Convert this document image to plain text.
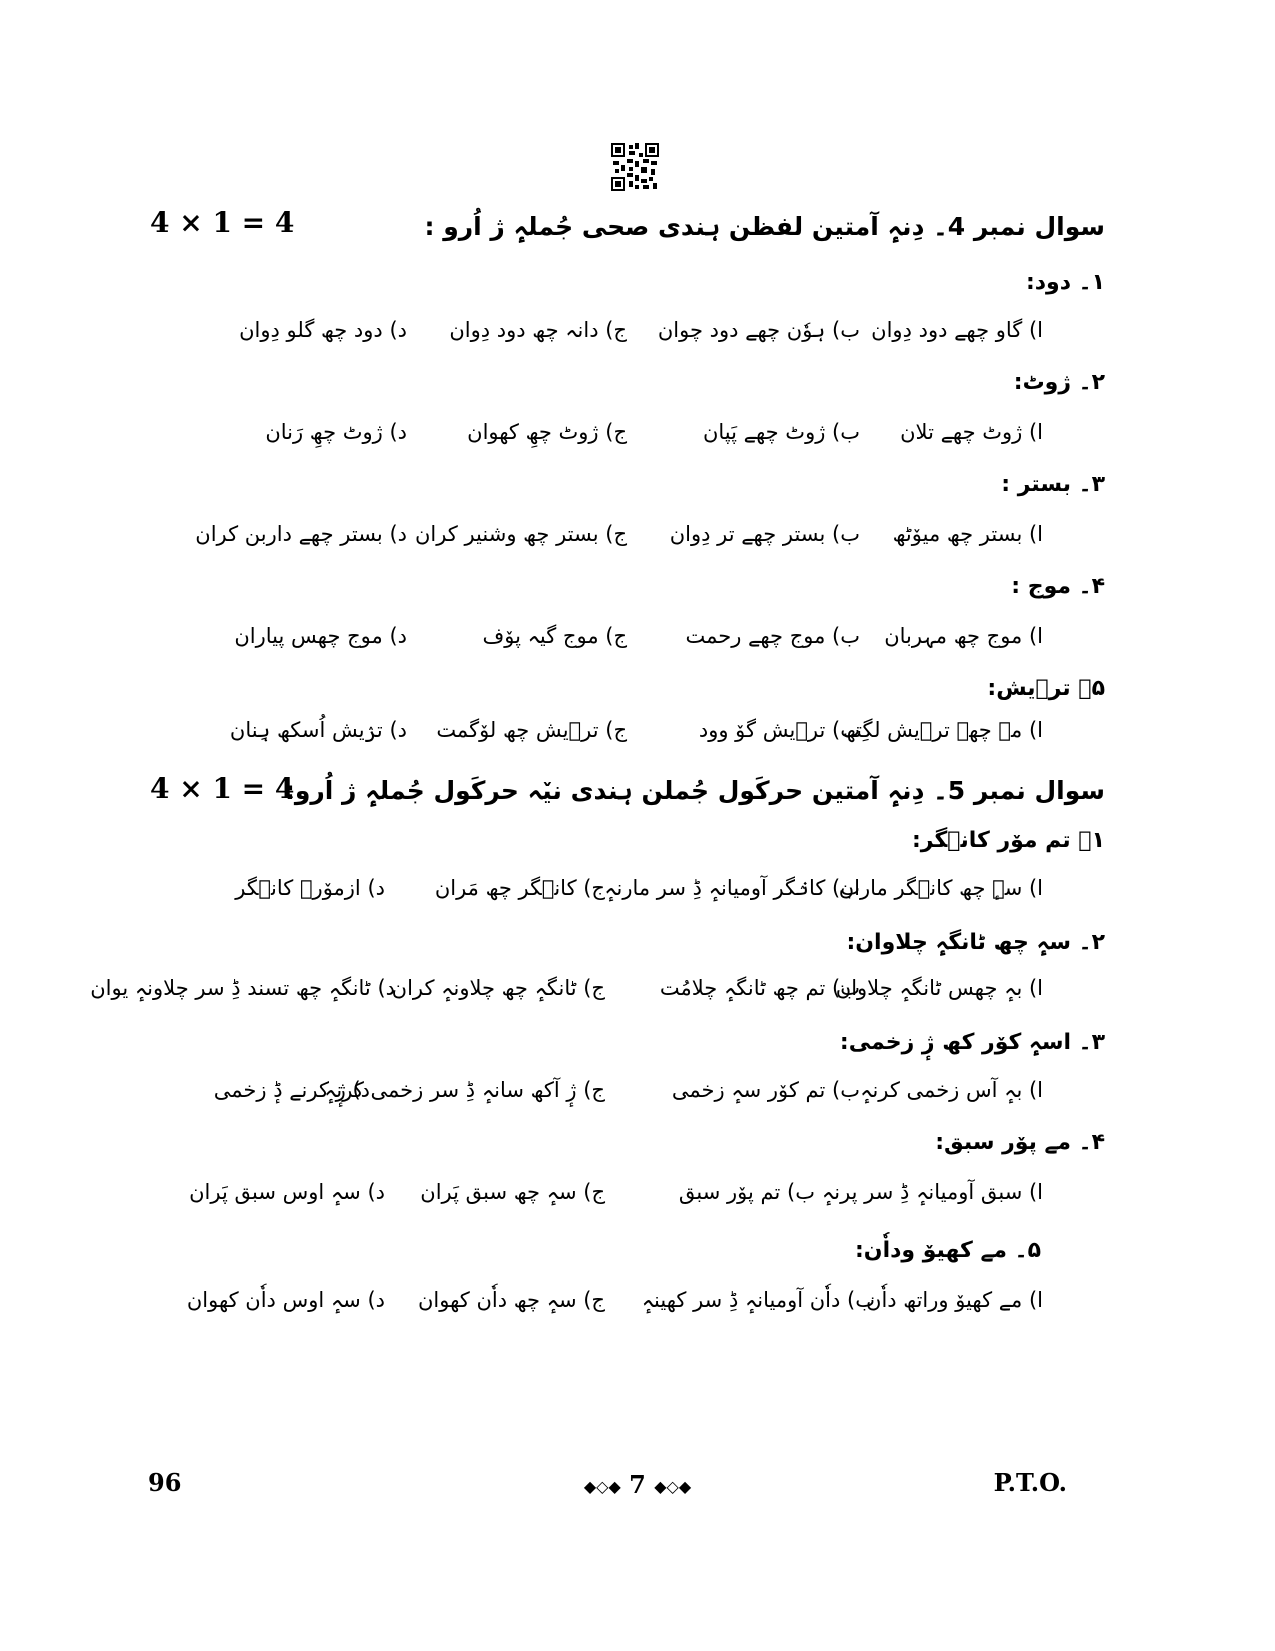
4 × 1 = 4	سوال نمبر 4۔ دِنہٕ آمتین لفظن ہندی صحی جُملہٕ ژ اُرو :
۱۔ دود:
ا) گاو چھے دود دِوان
ب) ہوٗن چھے دود چوان
ج) دانہ چھ دود دِوان
د) دود چھ گلو دِوان
۲۔ ژوٹ:
ا) ژوٹ چھے تلان
ب) ژوٹ چھے پَپان
ج) ژوٹ چھِ کھوان
د) ژوٹ چھِ رَنان
۳۔ بستر :
ا) بستر چھ میوٚٹھ
ب) بستر چھے تر دِوان
ج) بستر چھ وشنیر کران
د) بستر چھے داربن کران
۴۔ موج :
ا) موج چھ مہربان
ب) موج چھے رحمت
ج) موج گیہ پوٚف
د) موج چھس پیاران
۵۔ ترٛیش:
ا) مے چھے ترٛیش لگِتھ
ب) ترٛیش گوٚ وود
ج) ترٛیش چھ لوٚگمت
د) ترٛیش اُسکھ ہِنان
4 × 1 = 4
سوال نمبر 5۔ دِنہٕ آمتین حرکَول جُملن ہندی نیٚہ حرکَول جُملہٕ ژ اُرو:
۱۔ تم موٚر کانٛگر:
ا) سہٕ چھ کانٛگر ماران
ب) کانٛگر آومیانہٕ ڈِ سر مارنہٕ
ج) کانٛگر چھ مَران
د) ازموٚرے کانٛگر
۲۔ سہٕ چھ ٹانگہٕ چلاوان:
ا) بہٕ چھس ٹانگہٕ چلاوان
ب) تم چھ ٹانگہٕ چلامُت
ج) ٹانگہٕ چھ چلاونہٕ کران
د) ٹانگہٕ چھ تسند ڈِ سر چلاونہٕ یوان
۳۔ اسہٕ کوٚر کھ ژٕ زخمی:
ا) بہٕ آس زخمی کرنہٕ
ب) تم کوٚر سہٕ زخمی
ج) ژٕ آکھ سانہٕ ڈِ سر زخمی کرنہٕ
د) ژٕ کرنے ڈٕ زخمی
۴۔ مے پوٚر سبق:
ا) سبق آومیانہٕ ڈِ سر پرنہٕ
ب) تم پوٚر سبق
ج) سہٕ چھ سبق پَران
د) سہٕ اوس سبق پَران
۵۔ مے کھیوٚ وداٗن:
ا) مے کھیوٚ وراتھ داٗن
ب) داٗن آومیانہٕ ڈِ سر کھینہٕ
ج) سہٕ چھ داٗن کھوان
د) سہٕ اوس داٗن کھوان
96	◆◇◆ 7 ◆◇◆	P.T.O.
